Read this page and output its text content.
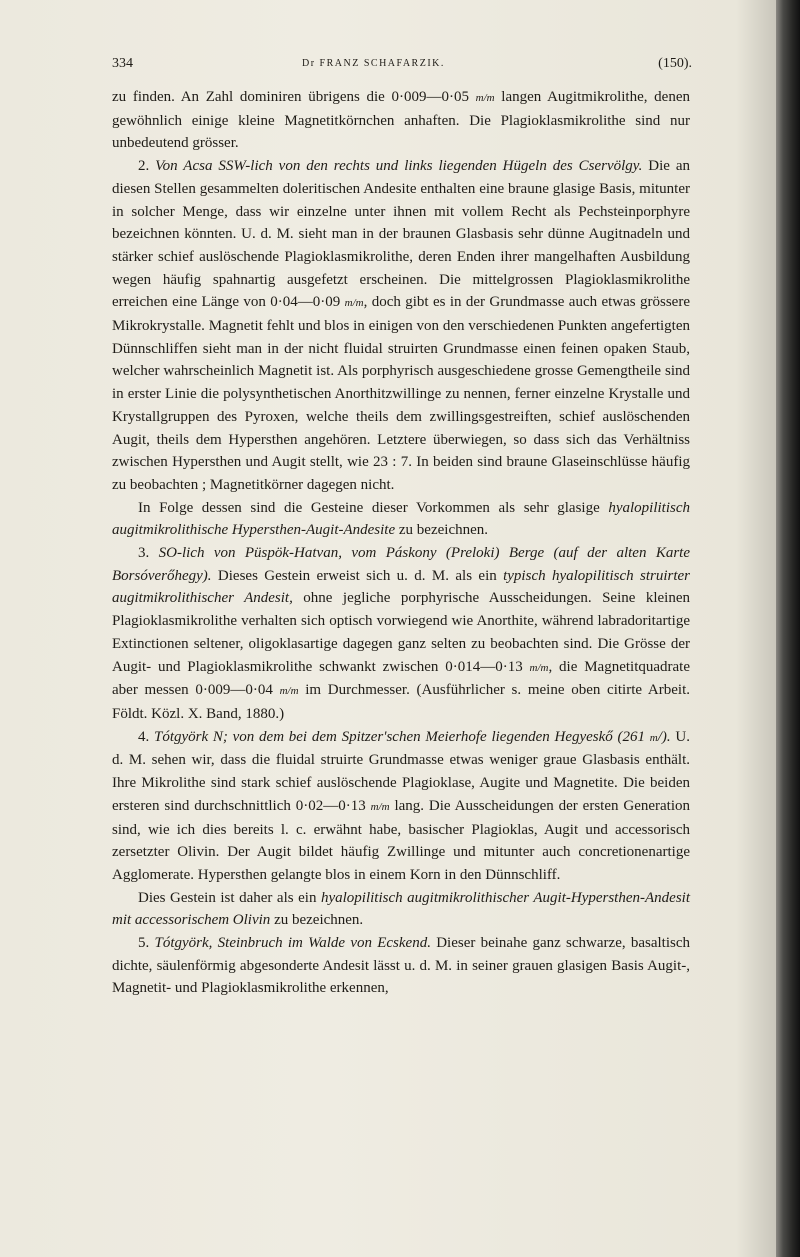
334	Dr FRANZ SCHAFARZIK.	(150).

zu finden. An Zahl dominiren übrigens die 0·009—0·05 m/m langen Augitmikrolithe, denen gewöhnlich einige kleine Magnetitkörnchen anhaften. Die Plagioklasmikrolithe sind nur unbedeutend grösser.

2. Von Acsa SSW-lich von den rechts und links liegenden Hügeln des Cservölgy. Die an diesen Stellen gesammelten doleritischen Andesite enthalten eine braune glasige Basis, mitunter in solcher Menge, dass wir einzelne unter ihnen mit vollem Recht als Pechsteinporphyre bezeichnen könnten. U. d. M. sieht man in der braunen Glasbasis sehr dünne Augitnadeln und stärker schief auslöschende Plagioklasmikrolithe, deren Enden ihrer mangelhaften Ausbildung wegen häufig spahnartig ausgefetzt erscheinen. Die mittelgrossen Plagioklasmikrolithe erreichen eine Länge von 0·04—0·09 m/m, doch gibt es in der Grundmasse auch etwas grössere Mikrokrystalle. Magnetit fehlt und blos in einigen von den verschiedenen Punkten angefertigten Dünnschliffen sieht man in der nicht fluidal struirten Grundmasse einen feinen opaken Staub, welcher wahrscheinlich Magnetit ist. Als porphyrisch ausgeschiedene grosse Gemengtheile sind in erster Linie die polysynthetischen Anorthitzwillinge zu nennen, ferner einzelne Krystalle und Krystallgruppen des Pyroxen, welche theils dem zwillingsgestreiften, schief auslöschenden Augit, theils dem Hypersthen angehören. Letztere überwiegen, so dass sich das Verhältniss zwischen Hypersthen und Augit stellt, wie 23 : 7. In beiden sind braune Glaseinschlüsse häufig zu beobachten ; Magnetitkörner dagegen nicht.

In Folge dessen sind die Gesteine dieser Vorkommen als sehr glasige hyalopilitisch augitmikrolithische Hypersthen-Augit-Andesite zu bezeichnen.

3. SO-lich von Püspök-Hatvan, vom Páskony (Preloki) Berge (auf der alten Karte Borsóverőhegy). Dieses Gestein erweist sich u. d. M. als ein typisch hyalopilitisch struirter augitmikrolithischer Andesit, ohne jegliche porphyrische Ausscheidungen. Seine kleinen Plagioklasmikrolithe verhalten sich optisch vorwiegend wie Anorthite, während labradoritartige Extinctionen seltener, oligoklasartige dagegen ganz selten zu beobachten sind. Die Grösse der Augit- und Plagioklasmikrolithe schwankt zwischen 0·014—0·13 m/m, die Magnetitquadrate aber messen 0·009—0·04 m/m im Durchmesser. (Ausführlicher s. meine oben citirte Arbeit. Földt. Közl. X. Band, 1880.)

4. Tótgyörk N; von dem bei dem Spitzer'schen Meierhofe liegenden Hegyeskő (261 m/). U. d. M. sehen wir, dass die fluidal struirte Grundmasse etwas weniger graue Glasbasis enthält. Ihre Mikrolithe sind stark schief auslöschende Plagioklase, Augite und Magnetite. Die beiden ersteren sind durchschnittlich 0·02—0·13 m/m lang. Die Ausscheidungen der ersten Generation sind, wie ich dies bereits l. c. erwähnt habe, basischer Plagioklas, Augit und accessorisch zersetzter Olivin. Der Augit bildet häufig Zwillinge und mitunter auch concretionenartige Agglomerate. Hypersthen gelangte blos in einem Korn in den Dünnschliff.

Dies Gestein ist daher als ein hyalopilitisch augitmikrolithischer Augit-Hypersthen-Andesit mit accessorischem Olivin zu bezeichnen.

5. Tótgyörk, Steinbruch im Walde von Ecskend. Dieser beinahe ganz schwarze, basaltisch dichte, säulenförmig abgesonderte Andesit lässt u. d. M. in seiner grauen glasigen Basis Augit-, Magnetit- und Plagioklasmikrolithe erkennen,
